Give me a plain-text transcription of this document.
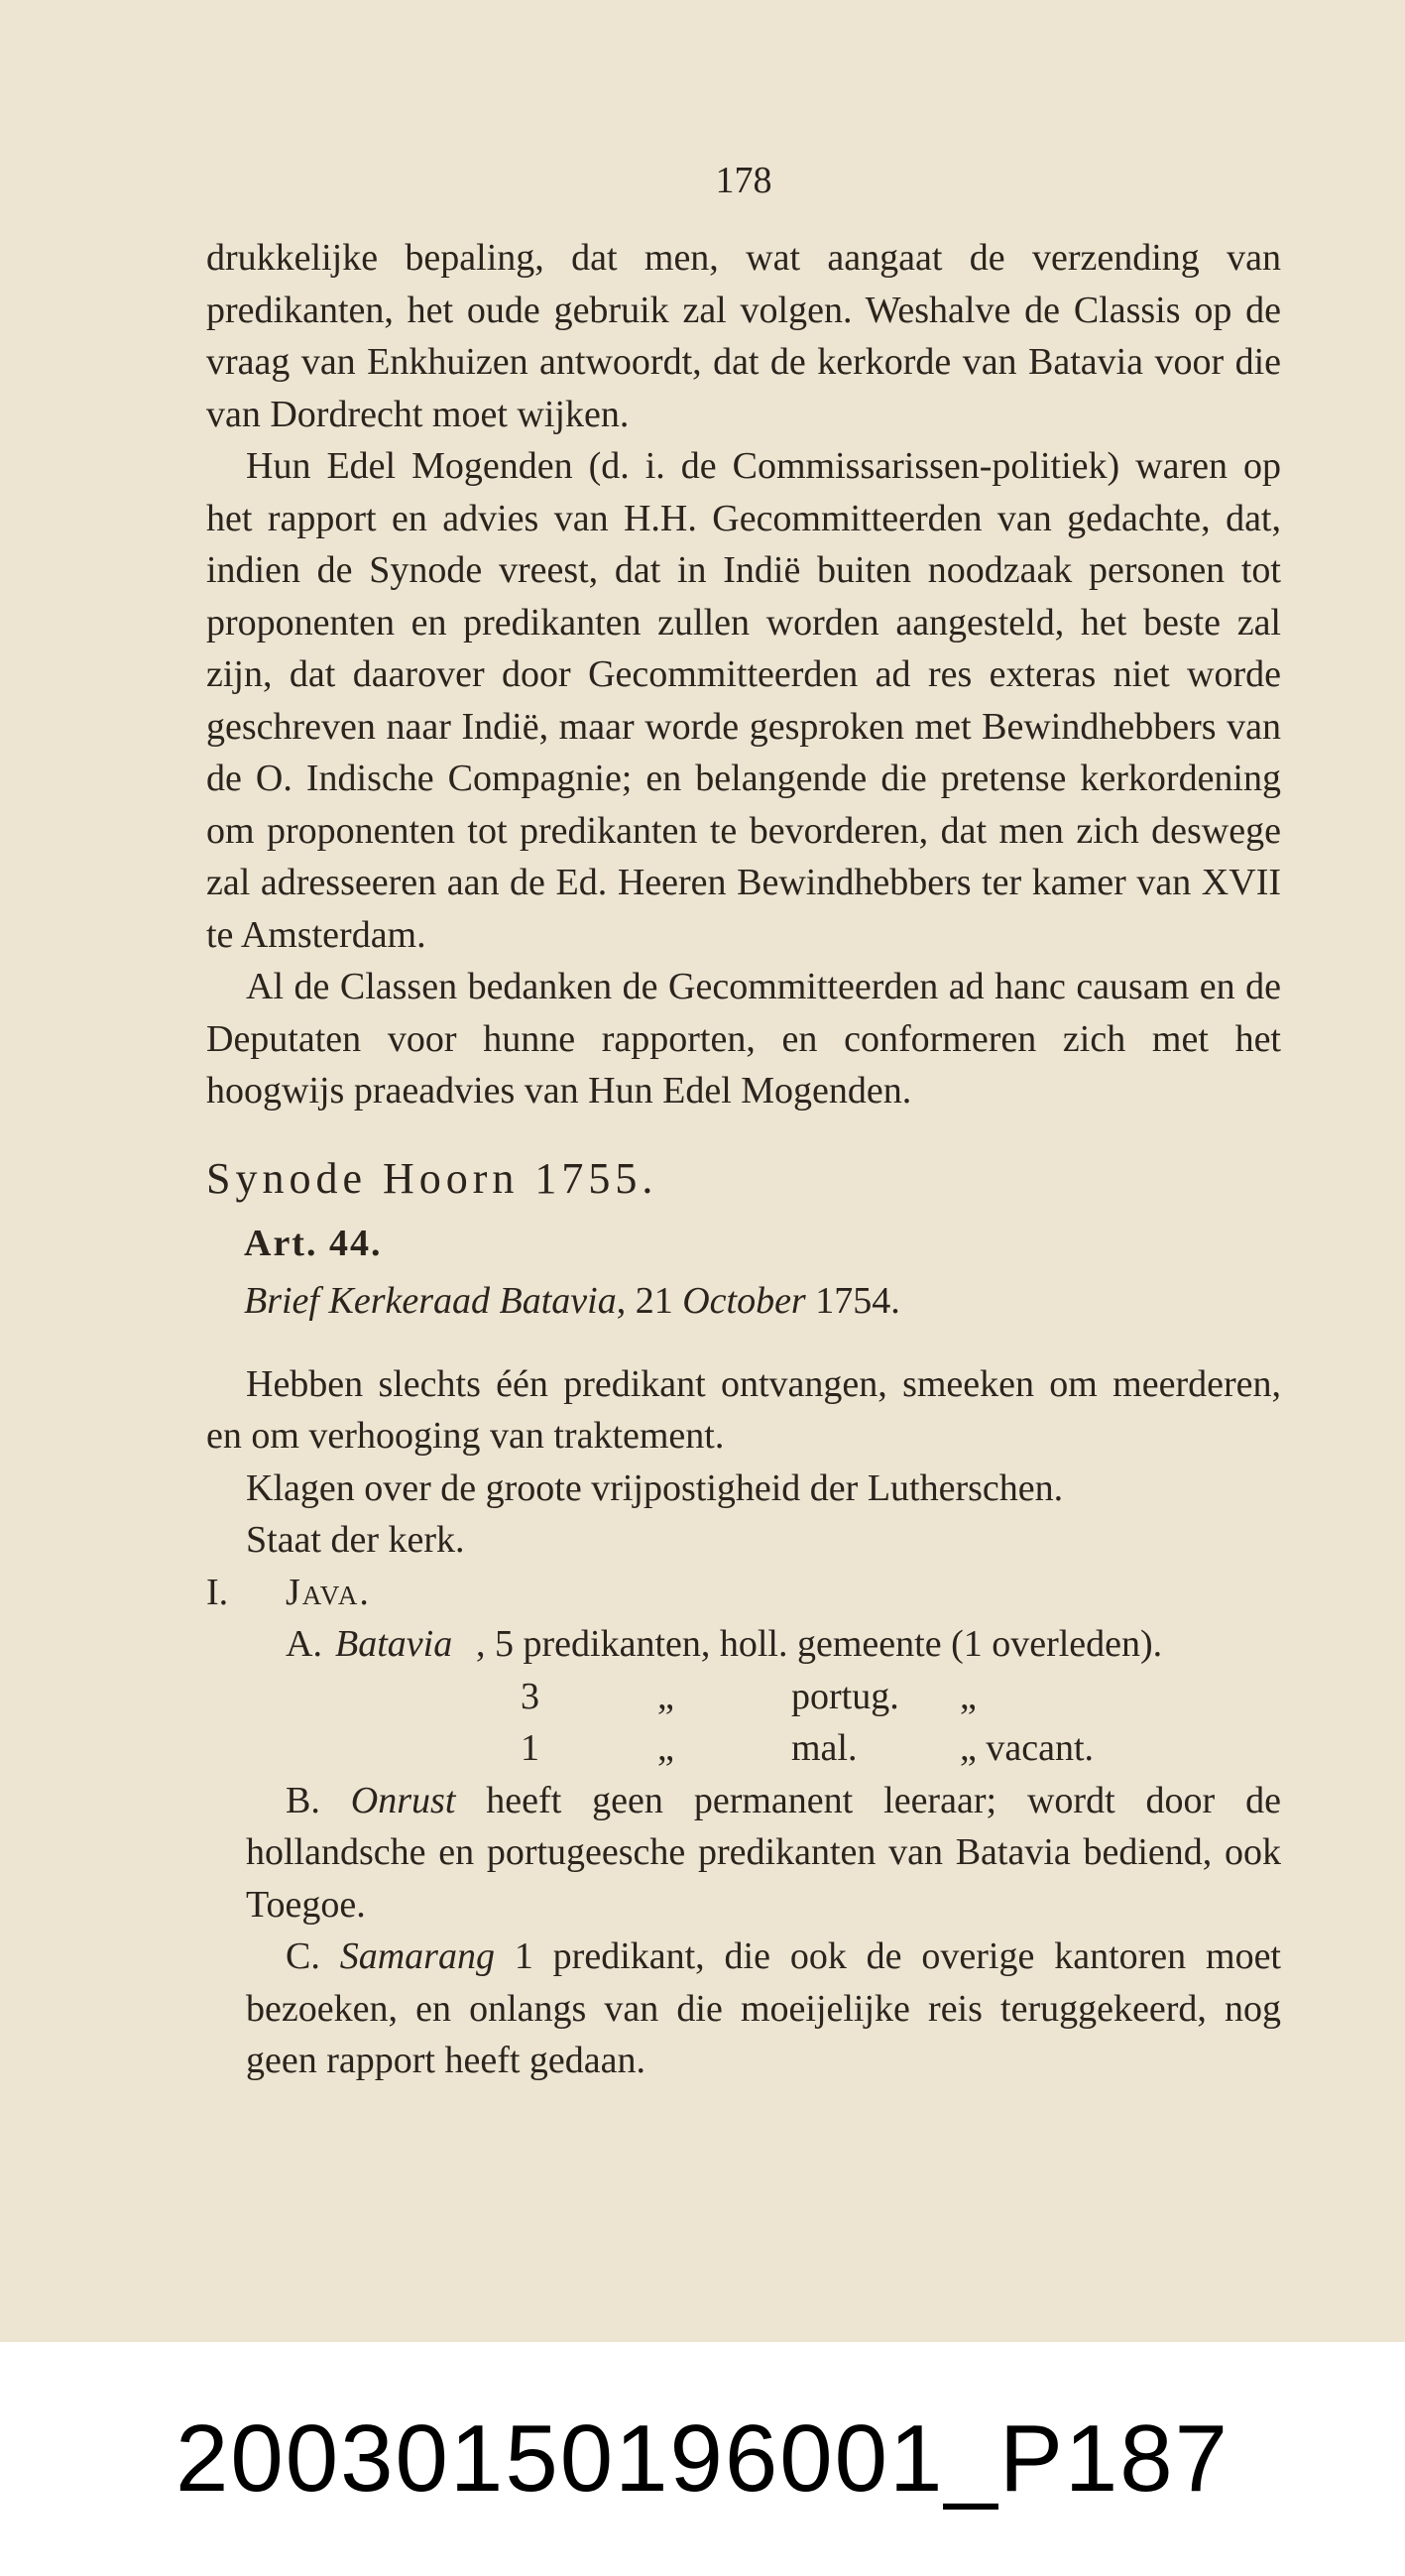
178

drukkelijke bepaling, dat men, wat aangaat de verzending van predikanten, het oude gebruik zal volgen. Weshalve de Classis op de vraag van Enkhuizen antwoordt, dat de kerkorde van Batavia voor die van Dordrecht moet wijken.

Hun Edel Mogenden (d. i. de Commissarissen-politiek) waren op het rapport en advies van H.H. Gecommitteerden van gedachte, dat, indien de Synode vreest, dat in Indië buiten noodzaak personen tot proponenten en predikanten zullen worden aangesteld, het beste zal zijn, dat daarover door Gecommitteerden ad res exteras niet worde geschreven naar Indië, maar worde gesproken met Bewindhebbers van de O. Indische Compagnie; en belangende die pretense kerkordening om proponenten tot predikanten te bevorderen, dat men zich deswege zal adresseeren aan de Ed. Heeren Bewindhebbers ter kamer van XVII te Amsterdam.

Al de Classen bedanken de Gecommitteerden ad hanc causam en de Deputaten voor hunne rapporten, en conformeren zich met het hoogwijs praeadvies van Hun Edel Mogenden.

Synode Hoorn 1755.
Art. 44.
Brief Kerkeraad Batavia, 21 October 1754.

Hebben slechts één predikant ontvangen, smeeken om meerderen, en om verhooging van traktement.

Klagen over de groote vrijpostigheid der Lutherschen.

Staat der kerk.

I. Java.
A. Batavia , 5 predikanten, holl. gemeente (1 overleden).
3	„	portug. „
1	„	mal.	„ vacant.

B. Onrust heeft geen permanent leeraar; wordt door de hollandsche en portugeesche predikanten van Batavia bediend, ook Toegoe.

C. Samarang 1 predikant, die ook de overige kantoren moet bezoeken, en onlangs van die moeijelijke reis teruggekeerd, nog geen rapport heeft gedaan.

20030150196001_P187
